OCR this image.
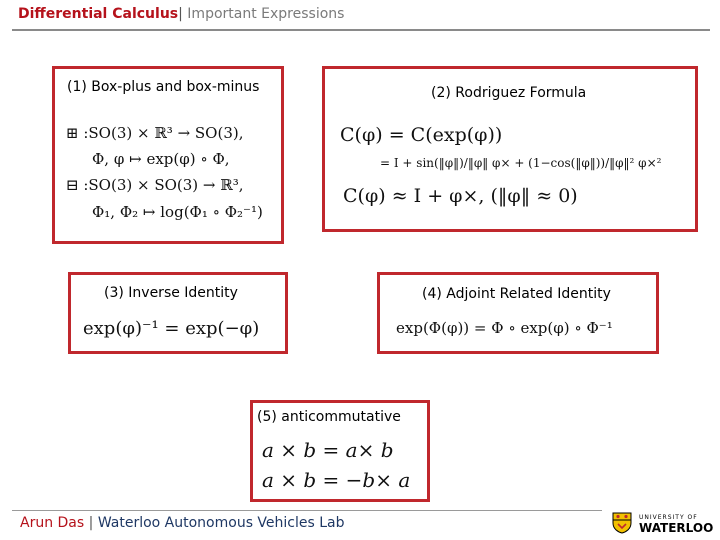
Differential Calculus| Important Expressions
(1) Box-plus and box-minus
⊞ :SO(3) × ℝ³ → SO(3),
Φ, φ ↦ exp(φ) ∘ Φ,
⊟ :SO(3) × SO(3) → ℝ³,
Φ₁, Φ₂ ↦ log(Φ₁ ∘ Φ₂⁻¹)
(2) Rodriguez Formula
C(φ) = C(exp(φ))
= I + sin(‖φ‖)/‖φ‖ φ× + (1−cos(‖φ‖))/‖φ‖² φ×²
C(φ) ≈ I + φ×, (‖φ‖ ≈ 0)
(3) Inverse Identity
exp(φ)⁻¹ = exp(−φ)
(4) Adjoint Related Identity
exp(Φ(φ)) = Φ ∘ exp(φ) ∘ Φ⁻¹
(5) anticommutative
a × b = a× b
a × b = −b× a
Arun Das | Waterloo Autonomous Vehicles Lab	UNIVERSITY OF
WATERLOO
